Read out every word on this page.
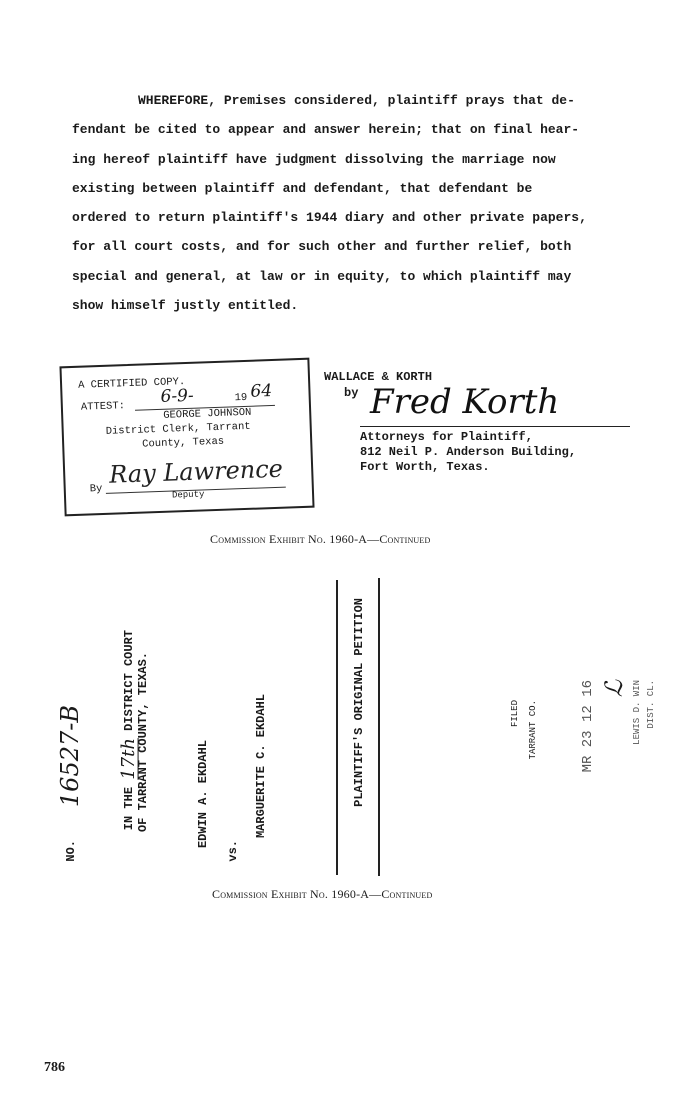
WHEREFORE, Premises considered, plaintiff prays that de-
fendant be cited to appear and answer herein; that on final hear-
ing hereof plaintiff have judgment dissolving the marriage now
existing between plaintiff and defendant, that defendant be
ordered to return plaintiff's 1944 diary and other private papers,
for all court costs, and for such other and further relief, both
special and general, at law or in equity, to which plaintiff may
show himself justly entitled.
A CERTIFIED COPY.
ATTEST:
6-9-	19 64
GEORGE JOHNSON
District Clerk, Tarrant
County, Texas
By
Ray Lawrence
Deputy
WALLACE & KORTH
by Fred Korth
Attorneys for Plaintiff,
812 Neil P. Anderson Building,
Fort Worth, Texas.
Commission Exhibit No. 1960-A—Continued
NO.
16527-B
IN THE 17th DISTRICT COURT OF TARRANT COUNTY, TEXAS.	EDWIN A. EKDAHL
vs.
MARGUERITE C. EKDAHL	PLAINTIFF'S ORIGINAL PETITION	FILED TARRANT CO.	MR 23 12 16 ℒ LEWIS D. WIN DIST. CL.
Commission Exhibit No. 1960-A—Continued
786
